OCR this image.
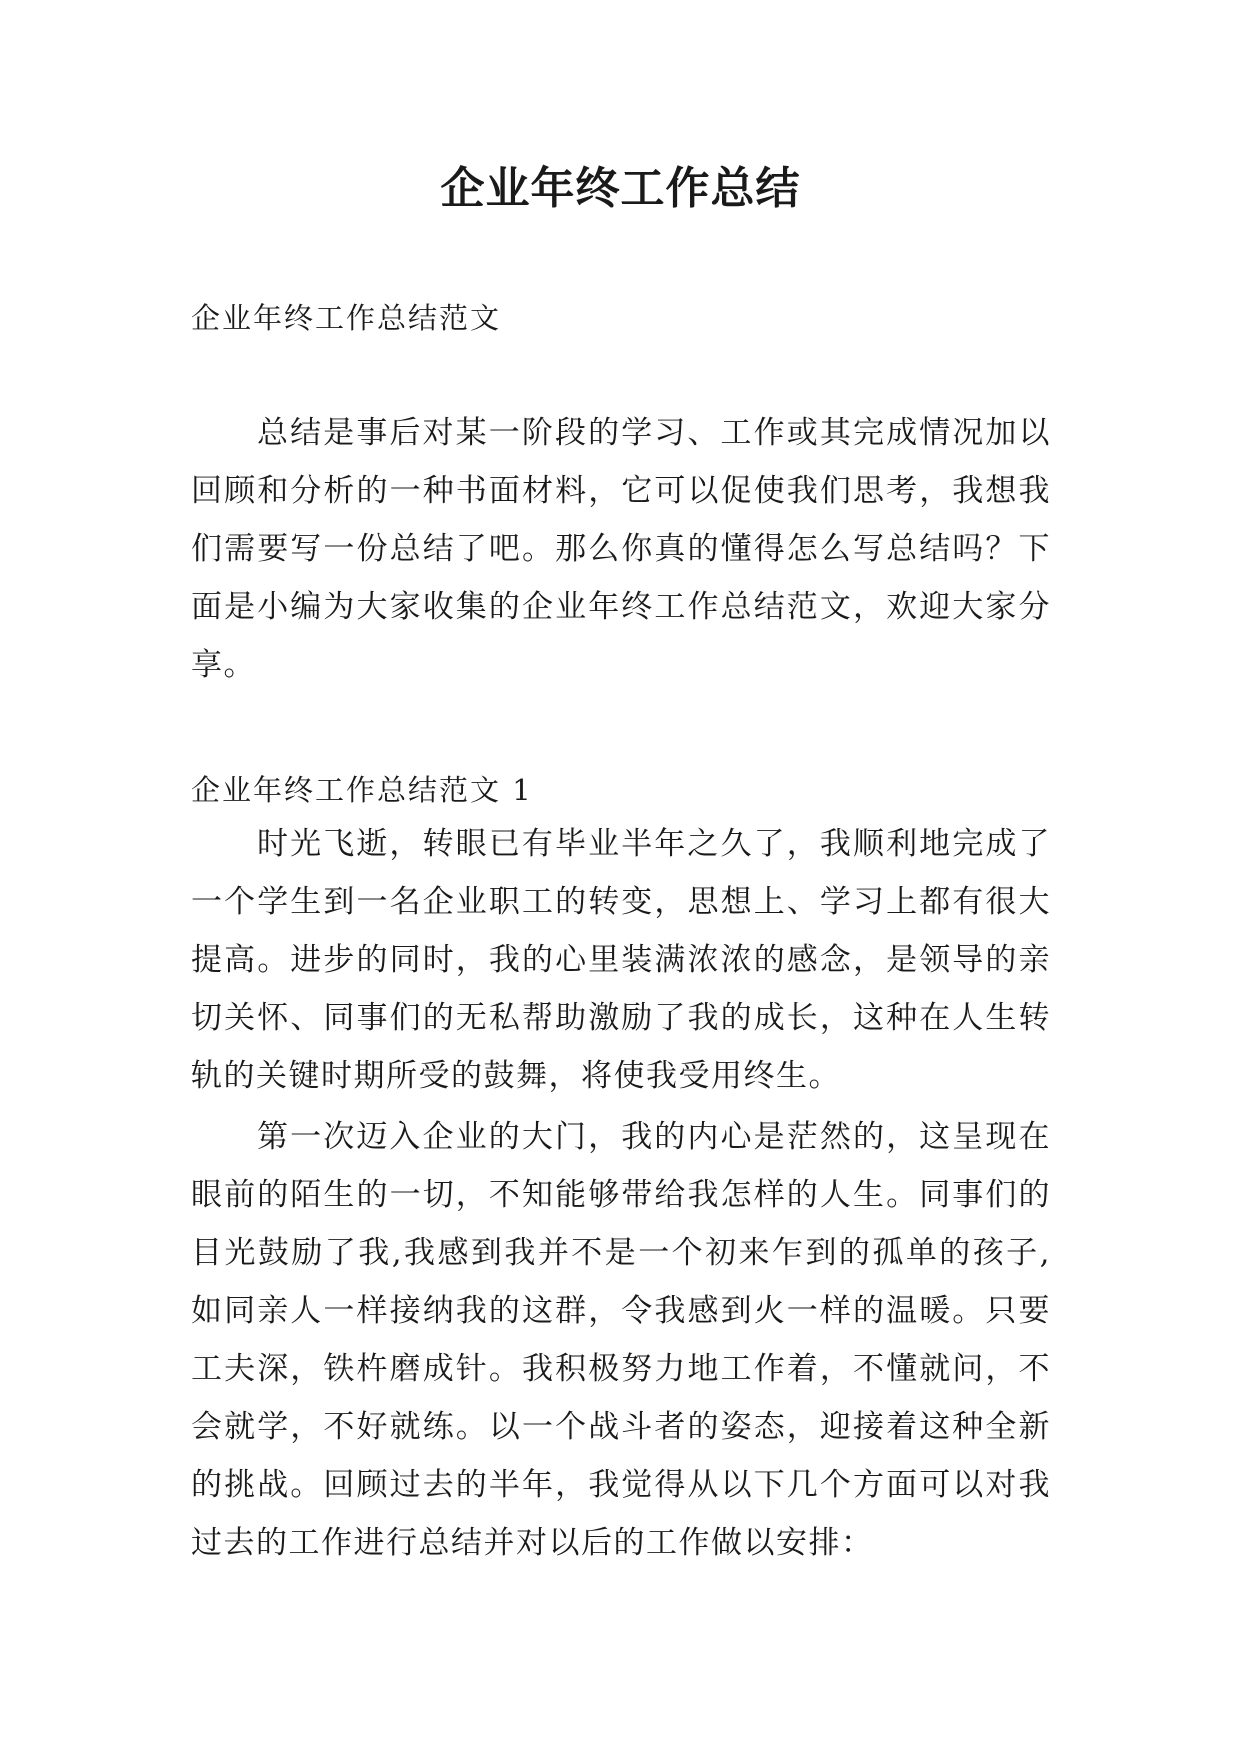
企业年终工作总结

企业年终工作总结范文

总结是事后对某一阶段的学习、工作或其完成情况加以回顾和分析的一种书面材料，它可以促使我们思考，我想我们需要写一份总结了吧。那么你真的懂得怎么写总结吗？下面是小编为大家收集的企业年终工作总结范文，欢迎大家分享。

企业年终工作总结范文 1

时光飞逝，转眼已有毕业半年之久了，我顺利地完成了一个学生到一名企业职工的转变，思想上、学习上都有很大提高。进步的同时，我的心里装满浓浓的感念，是领导的亲切关怀、同事们的无私帮助激励了我的成长，这种在人生转轨的关键时期所受的鼓舞，将使我受用终生。

第一次迈入企业的大门，我的内心是茫然的，这呈现在眼前的陌生的一切，不知能够带给我怎样的人生。同事们的目光鼓励了我,我感到我并不是一个初来乍到的孤单的孩子,如同亲人一样接纳我的这群，令我感到火一样的温暖。只要工夫深，铁杵磨成针。我积极努力地工作着，不懂就问，不会就学，不好就练。以一个战斗者的姿态，迎接着这种全新的挑战。回顾过去的半年，我觉得从以下几个方面可以对我过去的工作进行总结并对以后的工作做以安排：
